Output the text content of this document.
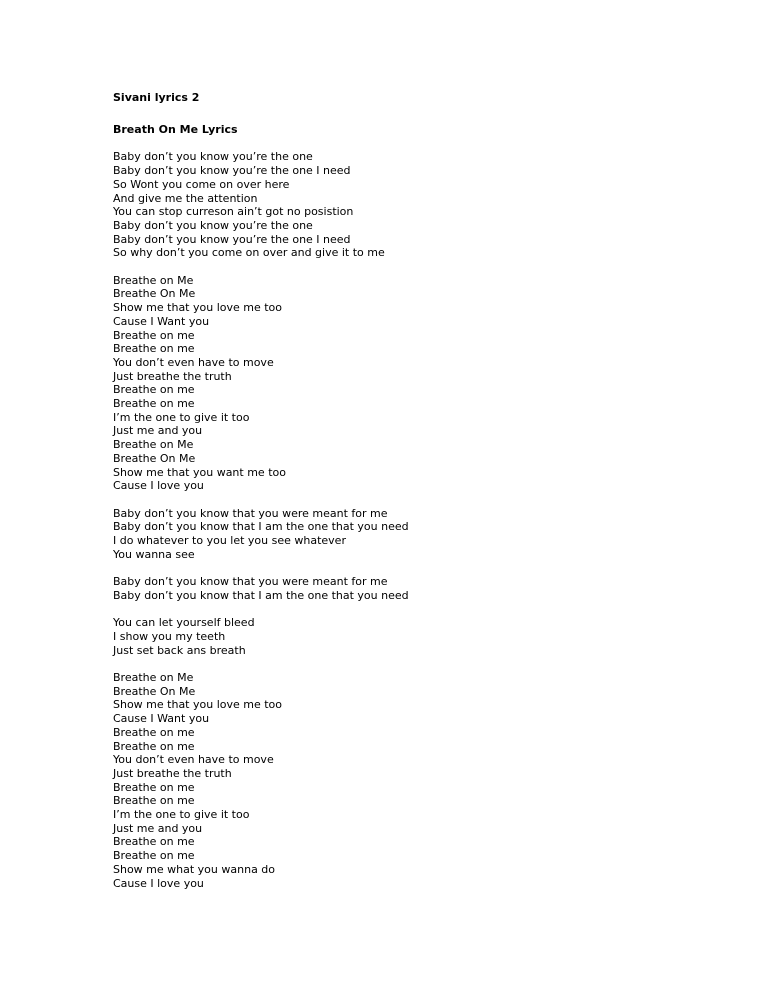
Sivani lyrics 2
Breath On Me Lyrics
Baby don’t you know you’re the one
Baby don’t you know you’re the one I need
So Wont you come on over here
And give me the attention
You can stop curreson ain’t got no posistion
Baby don’t you know you’re the one
Baby don’t you know you’re the one I need
So why don’t you come on over and give it to me
Breathe on Me
Breathe On Me
Show me that you love me too
Cause I Want you
Breathe on me
Breathe on me
You don’t even have to move
Just breathe the truth
Breathe on me
Breathe on me
I’m the one to give it too
Just me and you
Breathe on Me
Breathe On Me
Show me that you want me too
Cause I love you
Baby don’t you know that you were meant for me
Baby don’t you know that I am the one that you need
I do whatever to you let you see whatever
You wanna see
Baby don’t you know that you were meant for me
Baby don’t you know that I am the one that you need
You can let yourself bleed
I show you my teeth
Just set back ans breath
Breathe on Me
Breathe On Me
Show me that you love me too
Cause I Want you
Breathe on me
Breathe on me
You don’t even have to move
Just breathe the truth
Breathe on me
Breathe on me
I’m the one to give it too
Just me and you
Breathe on me
Breathe on me
Show me what you wanna do
Cause I love you
